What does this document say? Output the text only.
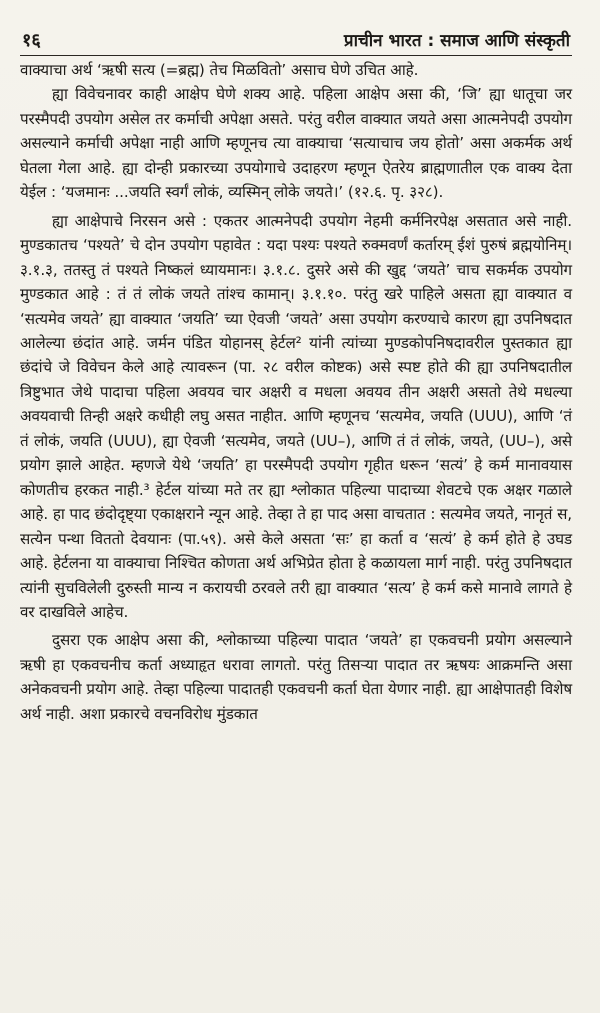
१६	प्राचीन भारत : समाज आणि संस्कृती

वाक्याचा अर्थ ‘ऋषी सत्य (=ब्रह्म) तेच मिळवितो’ असाच घेणे उचित आहे.

ह्या विवेचनावर काही आक्षेप घेणे शक्य आहे. पहिला आक्षेप असा की, ‘जि’ ह्या धातूचा जर परस्मैपदी उपयोग असेल तर कर्माची अपेक्षा असते. परंतु वरील वाक्यात जयते असा आत्मनेपदी उपयोग असल्याने कर्माची अपेक्षा नाही आणि म्हणूनच त्या वाक्याचा ‘सत्याचाच जय होतो’ असा अकर्मक अर्थ घेतला गेला आहे. ह्या दोन्ही प्रकारच्या उपयोगाचे उदाहरण म्हणून ऐतरेय ब्राह्मणातील एक वाक्य देता येईल : ‘यजमानः ...जयति स्वर्गं लोकं, व्यस्मिन् लोके जयते।’ (१२.६. पृ. ३२८).

ह्या आक्षेपाचे निरसन असे : एकतर आत्मनेपदी उपयोग नेहमी कर्मनिरपेक्ष असतात असे नाही. मुण्डकातच ‘पश्यते’ चे दोन उपयोग पहावेत : यदा पश्यः पश्यते रुक्मवर्णं कर्तारम् ईशं पुरुषं ब्रह्मयोनिम्। ३.१.३, ततस्तु तं पश्यते निष्कलं ध्यायमानः। ३.१.८. दुसरे असे की खुद्द ‘जयते’ चाच सकर्मक उपयोग मुण्डकात आहे : तं तं लोकं जयते तांश्च कामान्। ३.१.१०. परंतु खरे पाहिले असता ह्या वाक्यात व ‘सत्यमेव जयते’ ह्या वाक्यात ‘जयति’ च्या ऐवजी ‘जयते’ असा उपयोग करण्याचे कारण ह्या उपनिषदात आलेल्या छंदांत आहे. जर्मन पंडित योहानस् हेर्टल² यांनी त्यांच्या मुण्डकोपनिषदावरील पुस्तकात ह्या छंदांचे जे विवेचन केले आहे त्यावरून (पा. २८ वरील कोष्टक) असे स्पष्ट होते की ह्या उपनिषदातील त्रिष्टुभात जेथे पादाचा पहिला अवयव चार अक्षरी व मधला अवयव तीन अक्षरी असतो तेथे मधल्या अवयवाची तिन्ही अक्षरे कधीही लघु असत नाहीत. आणि म्हणूनच ‘सत्यमेव, जयति (UUU), आणि ‘तं तं लोकं, जयति (UUU), ह्या ऐवजी ‘सत्यमेव, जयते (UU–), आणि तं तं लोकं, जयते, (UU–), असे प्रयोग झाले आहेत. म्हणजे येथे ‘जयति’ हा परस्मैपदी उपयोग गृहीत धरून ‘सत्यं’ हे कर्म मानावयास कोणतीच हरकत नाही.³ हेर्टल यांच्या मते तर ह्या श्लोकात पहिल्या पादाच्या शेवटचे एक अक्षर गळाले आहे. हा पाद छंदोदृष्ट्या एकाक्षराने न्यून आहे. तेव्हा ते हा पाद असा वाचतात : सत्यमेव जयते, नानृतं स, सत्येन पन्था विततो देवयानः (पा.५९). असे केले असता ‘सः’ हा कर्ता व ‘सत्यं’ हे कर्म होते हे उघड आहे. हेर्टलना या वाक्याचा निश्चित कोणता अर्थ अभिप्रेत होता हे कळायला मार्ग नाही. परंतु उपनिषदात त्यांनी सुचविलेली दुरुस्ती मान्य न करायची ठरवले तरी ह्या वाक्यात ‘सत्य’ हे कर्म कसे मानावे लागते हे वर दाखविले आहेच.

दुसरा एक आक्षेप असा की, श्लोकाच्या पहिल्या पादात ‘जयते’ हा एकवचनी प्रयोग असल्याने ऋषी हा एकवचनीच कर्ता अध्याहृत धरावा लागतो. परंतु तिसऱ्या पादात तर ऋषयः आक्रमन्ति असा अनेकवचनी प्रयोग आहे. तेव्हा पहिल्या पादातही एकवचनी कर्ता घेता येणार नाही. ह्या आक्षेपातही विशेष अर्थ नाही. अशा प्रकारचे वचनविरोध मुंडकात
